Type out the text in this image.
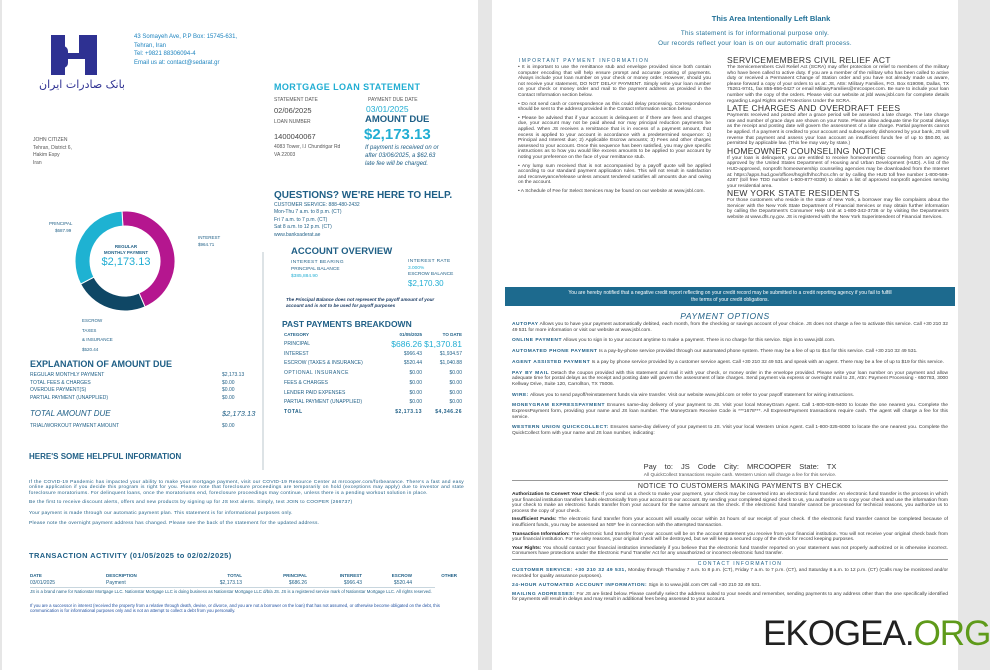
بانک صادرات ایران
43 Somayeh Ave, P.P Box: 15745-631,
Tehran, Iran
Tel: +9821 88306094-4
Email us at: contact@sedarat.gr
JOHN CITIZEN
Tehran, District 6,
Hakim Espy
Iran
MORTGAGE LOAN STATEMENT
STATEMENT DATE	PAYMENT DUE DATE
02/06/2025	03/01/2025
LOAN NUMBER	AMOUNT DUE
1400040067	$2,173.13
4083 Tower, I.I Chundrigar Rd
VA 22003
If payment is received on or
after 03/06/2025, a $62.63
late fee will be charged.
QUESTIONS? WE'RE HERE TO HELP.
CUSTOMER SERVICE: 888-480-2432
Mon-Thu 7 a.m. to 8 p.m. (CT)
Fri 7 a.m. to 7 p.m. (CT)
Sat 8 a.m. to 12 p.m. (CT)
www.banksaderat.ae
REGULAR
MONTHLY PAYMENT
$2,173.13
PRINCIPAL
$687.99
INTEREST
$964.71
ESCROW
TAXES
& INSURANCE
$520.44
ACCOUNT OVERVIEW
INTEREST BEARING
PRINCIPAL BALANCE
$385,884.90
INTEREST RATE
3.000%
ESCROW BALANCE
$2,170.30
The Principal Balance does not represent the payoff amount of your
account and is not to be used for payoff purposes
PAST PAYMENTS BREAKDOWN
EXPLANATION OF AMOUNT DUE
TOTAL AMOUNT DUE	$2,173.13
TRIAL/WORKOUT PAYMENT AMOUNT	$0.00
HERE'S SOME HELPFUL INFORMATION

If the COVID-19 Pandemic has impacted your ability to make your mortgage payment, visit our COVID-19 Resource Center at mrcooper.com/forbearance. There's a fast and easy online application if you decide this program is right for you. Please note that foreclosure proceedings are temporarily on hold (exceptions may apply) due to investor and state foreclosure moratoriums. For delinquent loans, once the moratoriums end, foreclosure proceedings may continue, unless there is a pending workout solution in place.

Be the first to receive discount alerts, offers and new products by signing up for JS text alerts. Simply, text JOIN to COOPER (266737)

Your payment is made through our automatic payment plan. This statement is for informational purposes only.

Please note the overnight payment address has changed. Please see the back of the statement for the updated address.

TRANSACTION ACTIVITY (01/05/2025 to 02/02/2025)
JS is a brand name for Nationstar Mortgage LLC. Nationstar Mortgage LLC is doing business as Nationstar Mortgage LLC d/b/a JS. JS is a registered service mark of Nationstar Mortgage LLC. All rights reserved.
If you are a successor in interest (received the property from a relative through death, devise, or divorce, and you are not a borrower on the loan) that has not assumed, or otherwise become obligated on the debt, this communication is for informational purposes only and is not an attempt to collect a debt from you personally.
CATEGORY	01/05/2025	TO DATE
PRINCIPAL	$686.26 $1,370.81
INTEREST	$966.43	$1,934.57
ESCROW (TAXES & INSURANCE)	$520.44	$1,040.88
OPTIONAL INSURANCE	$0.00	$0.00
FEES & CHARGES	$0.00	$0.00
LENDER PAID EXPENSES	$0.00	$0.00
PARTIAL PAYMENT (UNAPPLIED)	$0.00	$0.00
TOTAL	$2,173.13	$4,346.26
REGULAR MONTHLY PAYMENT	$2,173.13
TOTAL FEES & CHARGES	$0.00
OVERDUE PAYMENT(S)	$0.00
PARTIAL PAYMENT (UNAPPLIED)	$0.00
DATE	DESCRIPTION	TOTAL	PRINCIPAL	INTEREST	ESCROW	OTHER
03/01/2025	Payment	$2,173.13	$686.26	$966.43	$520.44
This Area Intentionally Left Blank
This statement is for informational purpose only.
Our records reflect your loan is on our automatic draft process.
IMPORTANT PAYMENT INFORMATION

• It is important to use the remittance stub and envelope provided since both contain computer encoding that will help ensure prompt and accurate posting of payments. Always include your loan number on your check or money order. However, should you not receive your statement, DO NOT DELAY PAYMENT. Simply write your loan number on your check or money order and mail to the payment address as provided in the Contact Information section below.

• Do not send cash or correspondence as this could delay processing. Correspondence should be sent to the address provided in the Contact Information section below.

• Please be advised that if your account is delinquent or if there are fees and charges due, your account may not be paid ahead nor may principal reduction payments be applied. When JS receives a remittance that is in excess of a payment amount, that excess is applied to your account in accordance with a predetermined sequence: 1) Principal and Interest due; 2) Applicable Escrow amounts; 3) Fees and other charges assessed to your account. Once this sequence has been satisfied, you may give specific instructions as to how you would like excess amounts to be applied to your account by noting your preference on the face of your remittance stub.

• Any lump sum received that is not accompanied by a payoff quote will be applied according to our standard payment application rules. This will not result in satisfaction and reconveyance/release unless amount tendered satisfies all amounts due and owing on the account.

• A Schedule of Fee for Select Services may be found on our website at www.jsbl.com.

SERVICEMEMBERS CIVIL RELIEF ACT

The Servicemembers Civil Relief Act (SCRA) may offer protection or relief to members of the military who have been called to active duty. If you are a member of the military who has been called to active duty or received a Permanent Change of Station order and you have not already made us aware, please forward a copy of your orders to us at: JS, Attn: Military Families, P.O. Box 619098, Dallas, TX 75261-9741, fax 855-856-0427 or email MilitaryFamilies@mrcooper.com. Be sure to include your loan number with the copy of the orders. Please visit our website at jsbl www.jsbl.com for complete details regarding Legal Rights and Protections Under the SCRA.

LATE CHARGES AND OVERDRAFT FEES

Payments received and posted after a grace period will be assessed a late charge. The late charge rate and number of grace days are shown on your Note. Please allow adequate time for postal delays as the receipt and posting date will govern the assessment of a late charge. Partial payments cannot be applied. If a payment is credited to your account and subsequently dishonored by your bank, JS will reverse that payment and assess your loan account an insufficient funds fee of up to $50.00, as permitted by applicable law. (This fee may vary by state.)

HOMEOWNER COUNSELING NOTICE

If your loan is delinquent, you are entitled to receive homeownership counseling from an agency approved by the United States Department of Housing and Urban Development (HUD). A list of the HUD-approved, nonprofit homeownership counseling agencies may be downloaded from the Internet at: https://apps.hud.gov/offices/hsg/sfh/hcc/hcs.cfm or by calling the HUD toll free number 1-800-569-4287 (toll free TDD number 1-800-877-8339) to obtain a list of approved nonprofit agencies serving your residential area.

NEW YORK STATE RESIDENTS

For those customers who reside in the state of New York, a borrower may file complaints about the Servicer with the New York State Department of Financial Services or may obtain further information by calling the Department's Consumer Help Unit at 1-800-342-3736 or by visiting the Department's website at www.dfs.ny.gov. JS is registered with the New York Superintendent of Financial Services.

You are hereby notified that a negative credit report reflecting on your credit record may be submitted to a credit reporting agency if you fail to fulfill the terms of your credit obligations.
PAYMENT OPTIONS

AUTOPAY Allows you to have your payment automatically debited, each month, from the checking or savings account of your choice. JS does not charge a fee to activate this service. Call +30 210 32 49 531 for more information or visit our website at www.jsbl.com.

ONLINE PAYMENT Allows you to sign in to your account anytime to make a payment. There is no charge for this service. Sign in to www.jsbl.com.

AUTOMATED PHONE PAYMENT Is a pay-by-phone service provided through our automated phone system. There may be a fee of up to $14 for this service. Call +30 210 32 49 531.

AGENT ASSISTED PAYMENT Is a pay by phone service provided by a customer service agent. Call +30 210 32 49 531 and speak with an agent. There may be a fee of up to $19 for this service.

PAY BY MAIL Detach the coupon provided with this statement and mail it with your check, or money order in the envelope provided. Please write your loan number on your payment and allow adequate time for postal delays as the receipt and posting date will govern the assessment of late charges. Send payment via express or overnight mail to JS, Attn: Payment Processing - 650783, 3000 Kellway Drive, Suite 120, Carrollton, TX 75006.

WIRE: Allows you to send payoff/reinstatement funds via wire transfer. Visit our website www.jsbl.com or refer to your payoff statement for wiring instructions.

MONEYGRAM EXPRESSPAYMENT Ensures same-day delivery of your payment to JS. Visit your local MoneyGram Agent. Call 1-800-926-9400 to locate the one nearest you. Complete the ExpressPayment form, providing your name and JS loan number. The MoneyGram Receive Code is ***1678***. All ExpressPayment transactions require cash. The agent will charge a fee for this service.

WESTERN UNION QUICKCOLLECT: Ensures same-day delivery of your payment to JS. Visit your local Western Union Agent. Call 1-800-325-6000 to locate the one nearest you. Complete the QuickCollect form with your name and JS loan number, indicating:

Pay to: JS Code City: MRCOOPER State: TX
All QuickCollect transactions require cash. Western Union will charge a fee for this service.
NOTICE TO CUSTOMERS MAKING PAYMENTS BY CHECK

Authorization to Convert Your Check: If you send us a check to make your payment, your check may be converted into an electronic fund transfer. An electronic fund transfer is the process in which your financial institution transfers funds electronically from your account to our account. By sending your completed signed check to us, you authorize us to copy your check and use the information from your check to make an electronic funds transfer from your account for the same amount as the check. If the electronic fund transfer cannot be processed for technical reasons, you authorize us to process the copy of your check.

Insufficient Funds: The electronic fund transfer from your account will usually occur within 24 hours of our receipt of your check. If the electronic fund transfer cannot be completed because of insufficient funds, you may be assessed an NSF fee in connection with the attempted transaction.

Transaction Information: The electronic fund transfer from your account will be on the account statement you receive from your financial institution. You will not receive your original check back from your financial institution. For security reasons, your original check will be destroyed, but we will keep a secured copy of the check for record keeping purposes.

Your Rights: You should contact your financial institution immediately if you believe that the electronic fund transfer reported on your statement was not properly authorized or is otherwise incorrect. Consumers have protections under the Electronic Fund Transfer Act for any unauthorized or incorrect electronic fund transfer.

CONTACT INFORMATION

CUSTOMER SERVICE: +30 210 32 49 531, Monday through Thursday 7 a.m. to 8 p.m. (CT), Friday 7 a.m. to 7 p.m. (CT), and Saturday 8 a.m. to 12 p.m. (CT) (Calls may be monitored and/or recorded for quality assurance purposes).

24-HOUR AUTOMATED ACCOUNT INFORMATION: Sign in to www.jsbl.com OR call +30 210 32 49 531.

MAILING ADDRESSES: For JS are listed below. Please carefully select the address suited to your needs and remember, sending payments to any address other than the one specifically identified for payments will result in delays and may result in additional fees being assessed to your account.

EKOGEA.ORG
